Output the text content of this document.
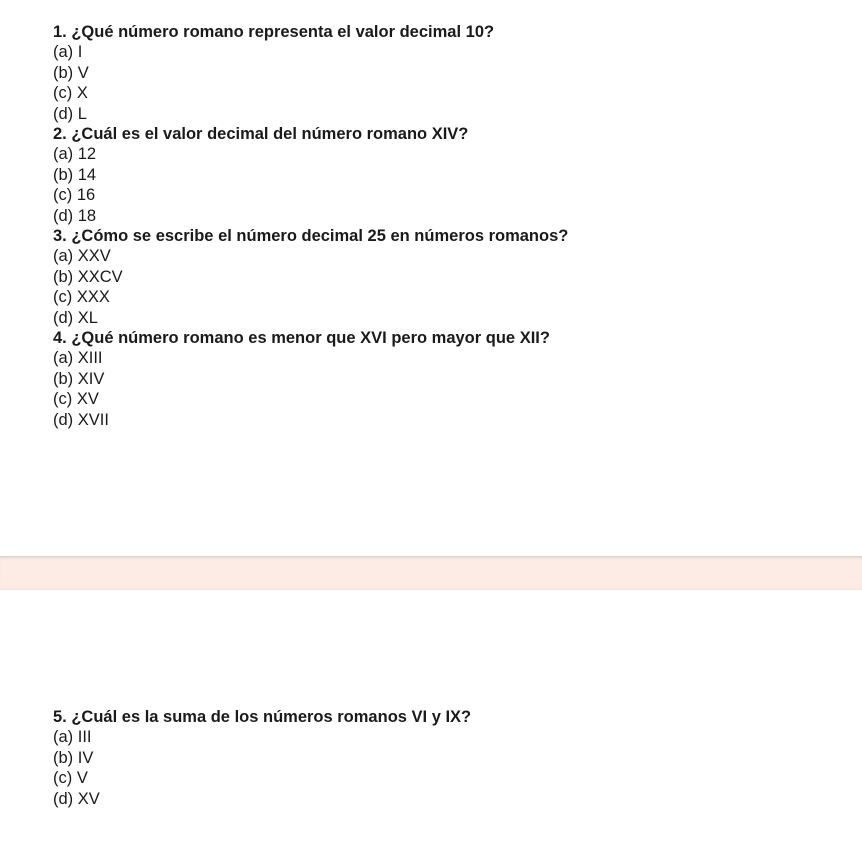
1. ¿Qué número romano representa el valor decimal 10?

(a) I
(b) V
(c) X
(d) L

2. ¿Cuál es el valor decimal del número romano XIV?

(a) 12
(b) 14
(c) 16
(d) 18

3. ¿Cómo se escribe el número decimal 25 en números romanos?

(a) XXV
(b) XXCV
(c) XXX
(d) XL

4. ¿Qué número romano es menor que XVI pero mayor que XII?

(a) XIII
(b) XIV
(c) XV
(d) XVII

5. ¿Cuál es la suma de los números romanos VI y IX?

(a) III
(b) IV
(c) V
(d) XV
